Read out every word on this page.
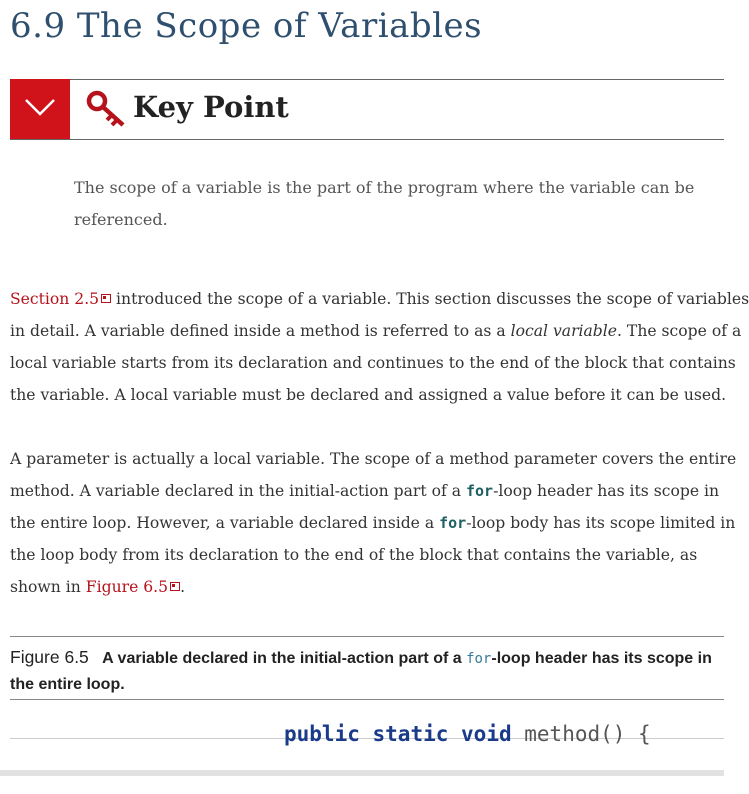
6.9 The Scope of Variables
Key Point

The scope of a variable is the part of the program where the variable can be referenced.

Section 2.5 introduced the scope of a variable. This section discusses the scope of variables

in detail. A variable defined inside a method is referred to as a local variable. The scope of a

local variable starts from its declaration and continues to the end of the block that contains

the variable. A local variable must be declared and assigned a value before it can be used.

A parameter is actually a local variable. The scope of a method parameter covers the entire

method. A variable declared in the initial-action part of a for-loop header has its scope in

the entire loop. However, a variable declared inside a for-loop body has its scope limited in

the loop body from its declaration to the end of the block that contains the variable, as

shown in Figure 6.5 .

Figure 6.5 A variable declared in the initial-action part of a for-loop header has its scope in the entire loop.

public static void method() {
